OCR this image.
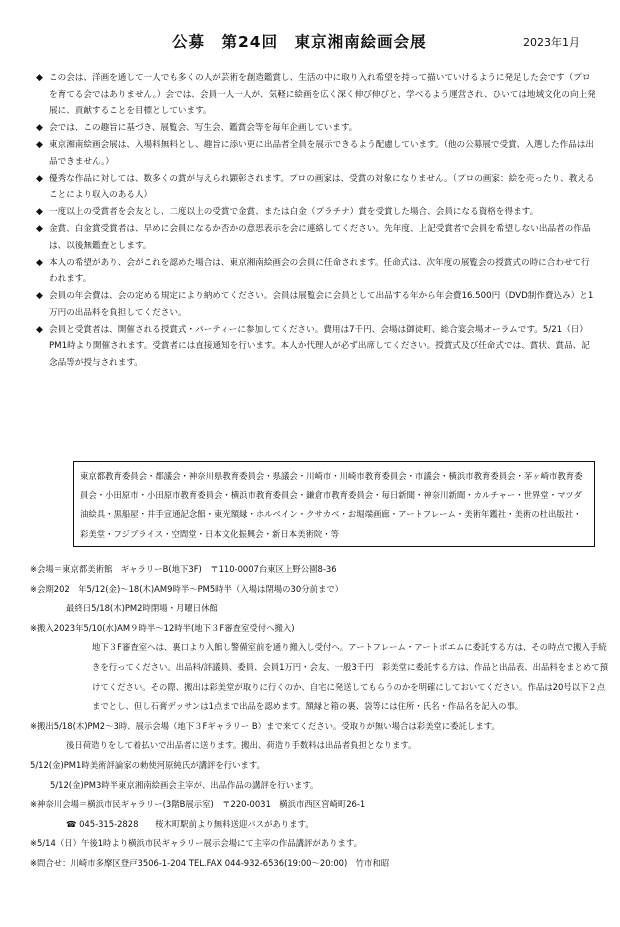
公募　第24回　東京湘南絵画会展	2023年1月
◆ この会は、洋画を通して一人でも多くの人が芸術を創造鑑賞し、生活の中に取り入れ希望を持って描いていけるように発足した会です（プロを育てる会ではありません。）会では、会員一人一人が、気軽に絵画を広く深く伸び伸びと、学べるよう運営され、ひいては地域文化の向上発展に、貢献することを目標としています。
◆ 会では、この趣旨に基づき、展覧会、写生会、鑑賞会等を毎年企画しています。
◆ 東京湘南絵画会展は、入場料無料とし、趣旨に添い更に出品者全員を展示できるよう配慮しています。（他の公募展で受賞、入選した作品は出品できません。）
◆ 優秀な作品に対しては、数多くの賞が与えられ顕彰されます。プロの画家は、受賞の対象になりません。（プロの画家：絵を売ったり、教えることにより収入のある人）
◆ 一度以上の受賞者を会友とし、二度以上の受賞で金賞、または白金（プラチナ）賞を受賞した場合、会員になる資格を得ます。
◆ 金賞、白金賞受賞者は、早めに会員になるか否かの意思表示を会に連絡してください。先年度、上記受賞者で会員を希望しない出品者の作品は、以後無鑑査とします。
◆ 本人の希望があり、会がこれを認めた場合は、東京湘南絵画会の会員に任命されます。任命式は、次年度の展覧会の授賞式の時に合わせて行われます。
◆ 会員の年会費は、会の定める規定により納めてください。会員は展覧会に会員として出品する年から年会費16.500円（DVD制作費込み）と1万円の出品料を負担してください。
◆ 会員と受賞者は、開催される授賞式・パーティーに参加してください。費用は7千円、会場は御徒町、総合宴会場オーラムです。5/21（日）PM1時より開催されます。受賞者には直接通知を行います。本人か代理人が必ず出席してください。授賞式及び任命式では、賞状、賞品、記念品等が授与されます。
東京都教育委員会・都議会・神奈川県教育委員会・県議会・川崎市・川崎市教育委員会・市議会・横浜市教育委員会・茅ヶ崎市教育委員会・小田原市・小田原市教育委員会・横浜市教育委員会・鎌倉市教育委員会・毎日新聞・神奈川新聞・カルチャー・世界堂・マツダ油絵具・黒船屋・井手宣通記念館・東光額縁・ホルベイン・クサカベ・お堀端画廊・アートフレーム・美術年鑑社・美術の杜出版社・彩美堂・フジブライス・空間堂・日本文化振興会・新日本美術院・等
※会場＝東京都美術館　ギャラリーB(地下3F)　〒110-0007台東区上野公園8-36
※会期202　年5/12(金)～18(木)AM9時半～PM5時半（入場は閉場の30分前まで）
最終日5/18(木)PM2時閉場・月曜日休館
※搬入2023年5/10(水)AM９時半～12時半(地下３F審査室受付へ搬入)
地下３F審査室へは、裏口より入館し警備室前を通り搬入し受付へ。アートフレーム・アートポエムに委託する方は、その時点で搬入手続きを行ってください。出品料/評議員、委員、会員1万円・会友、一般3千円　彩美堂に委託する方は、作品と出品表、出品料をまとめて預けてください。その際、搬出は彩美堂が取りに行くのか、自宅に発送してもらうのかを明確にしておいてください。作品は20号以下２点までとし、但し石膏デッサンは1点まで出品を認めます。額縁と箱の裏、袋等には住所・氏名・作品名を記入の事。
※搬出5/18(木)PM2～3時、展示会場（地下３Fギャラリー B）まで来てください。受取りが無い場合は彩美堂に委託します。
後日荷造りをして着払いで出品者に送ります。搬出、荷造り手数料は出品者負担となります。
5/12(金)PM1時美術評論家の勅使河原純氏が講評を行います。
5/12(金)PM3時半東京湘南絵画会主宰が、出品作品の講評を行います。
※神奈川会場＝横浜市民ギャラリー(3階B展示室)　〒220-0031　横浜市西区宮崎町26-1
☎ 045-315-2828　　桜木町駅前より無料送迎バスがあります。
※5/14（日）午後1時より横浜市民ギャラリー展示会場にて主宰の作品講評があります。
※問合せ：川崎市多摩区登戸3506-1-204 TEL.FAX 044-932-6536(19:00～20:00)　竹市和昭
